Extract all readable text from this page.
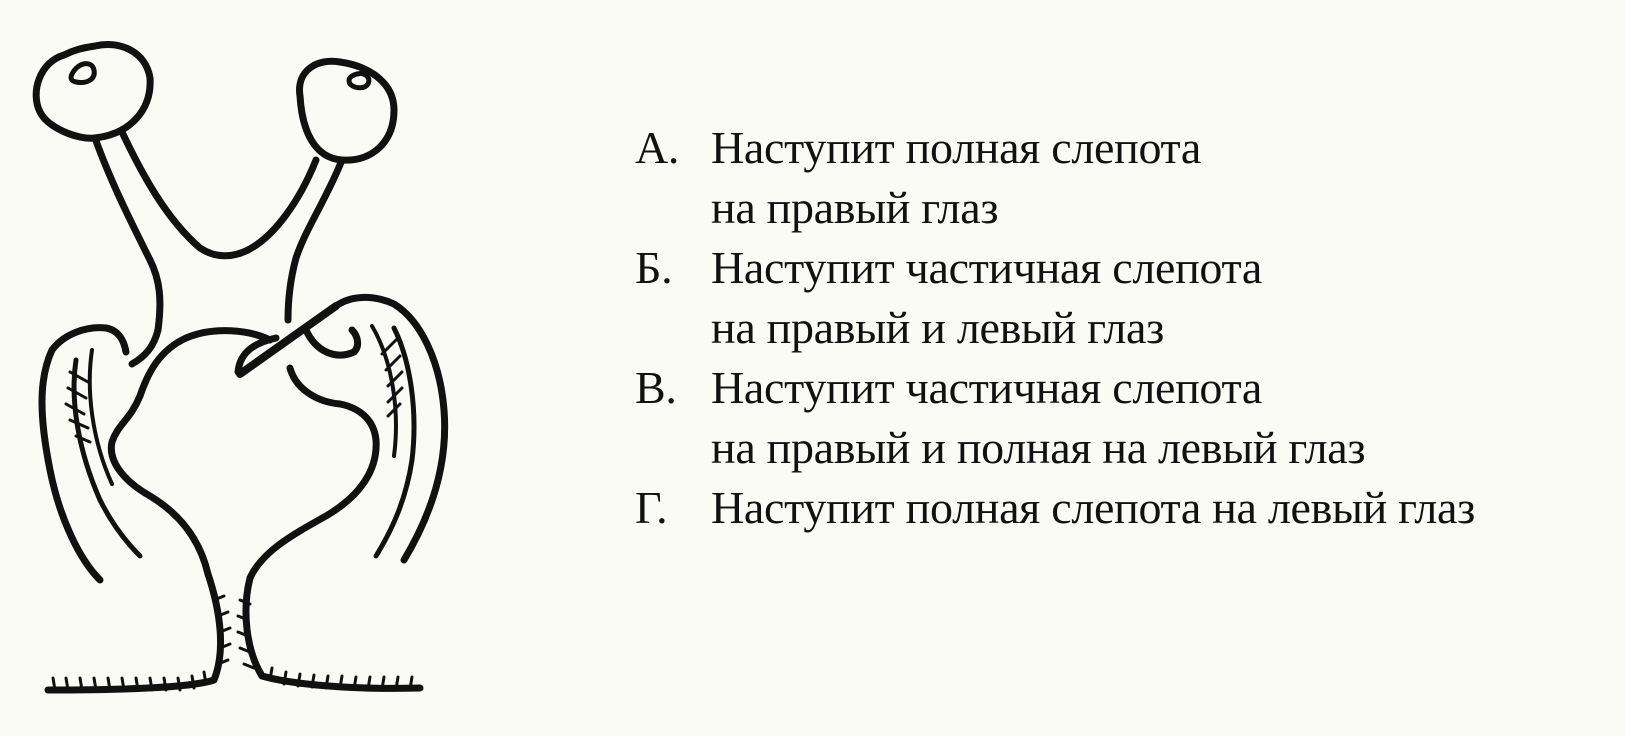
А. Наступит полная слепота
на правый глаз
Б. Наступит частичная слепота
на правый и левый глаз
В. Наступит частичная слепота
на правый и полная на левый глаз
Г. Наступит полная слепота на левый глаз
